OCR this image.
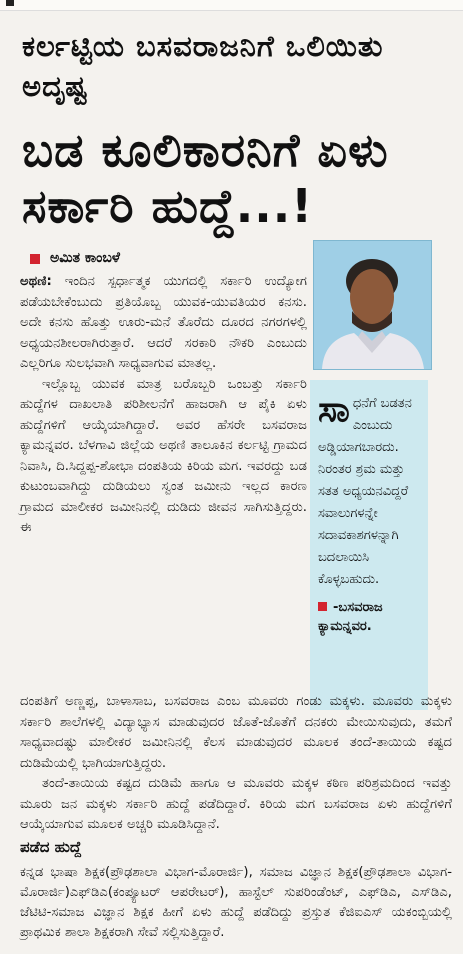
ಕರ್ಲಟ್ಟಿಯ ಬಸವರಾಜನಿಗೆ ಒಲಿಯಿತು ಅದೃಷ್ಟ
ಬಡ ಕೂಲಿಕಾರನಿಗೆ ಏಳು ಸರ್ಕಾರಿ ಹುದ್ದೆ...!
ಅಮಿತ ಕಾಂಬಳೆ

ಅಥಣಿ: ಇಂದಿನ ಸ್ಪರ್ಧಾತ್ಮಕ ಯುಗದಲ್ಲಿ ಸರ್ಕಾರಿ ಉದ್ಯೋಗ ಪಡೆಯಬೇಕೆಂಬುದು ಪ್ರತಿಯೊಬ್ಬ ಯುವಕ-ಯುವತಿಯರ ಕನಸು. ಅದೇ ಕನಸು ಹೊತ್ತು ಊರು-ಮನೆ ತೊರೆದು ದೂರದ ನಗರಗಳಲ್ಲಿ ಅಧ್ಯಯನಶೀಲರಾಗಿರುತ್ತಾರೆ. ಆದರೆ ಸರಕಾರಿ ನೌಕರಿ ಎಂಬುದು ಎಲ್ಲರಿಗೂ ಸುಲಭವಾಗಿ ಸಾಧ್ಯವಾಗುವ ಮಾತಲ್ಲ.

ಇಲ್ಲೊಬ್ಬ ಯುವಕ ಮಾತ್ರ ಬರೊಬ್ಬರಿ ಒಂಬತ್ತು ಸರ್ಕಾರಿ ಹುದ್ದೆಗಳ ದಾಖಲಾತಿ ಪರಿಶೀಲನೆಗೆ ಹಾಜರಾಗಿ ಆ ಪೈಕಿ ಏಳು ಹುದ್ದೆಗಳಿಗೆ ಆಯ್ಕೆಯಾಗಿದ್ದಾರೆ. ಅವರ ಹೆಸರೇ ಬಸವರಾಜ ಕ್ಯಾಮನ್ನವರ. ಬೆಳಗಾವಿ ಜಿಲ್ಲೆಯ ಅಥಣಿ ತಾಲೂಕಿನ ಕರ್ಲಟ್ಟಿ ಗ್ರಾಮದ ನಿವಾಸಿ, ದಿ.ಸಿದ್ದಪ್ಪ-ಶೋಭಾ ದಂಪತಿಯ ಕಿರಿಯ ಮಗ. ಇವರದ್ದು ಬಡ ಕುಟುಂಬವಾಗಿದ್ದು ದುಡಿಯಲು ಸ್ವಂತ ಜಮೀನು ಇಲ್ಲದ ಕಾರಣ ಗ್ರಾಮದ ಮಾಲೀಕರ ಜಮೀನಿನಲ್ಲಿ ದುಡಿದು ಜೀವನ ಸಾಗಿಸುತ್ತಿದ್ದರು. ಈ

ಸಾ ಧನೆಗೆ ಬಡತನ ಎಂಬುದು ಅಡ್ಡಿಯಾಗಬಾರದು. ನಿರಂತರ ಶ್ರಮ ಮತ್ತು ಸತತ ಅಧ್ಯಯನವಿದ್ದರೆ ಸವಾಲುಗಳನ್ನೇ ಸದಾವಕಾಶಗಳನ್ನಾಗಿ ಬದಲಾಯಿಸಿ ಕೊಳ್ಳಬಹುದು.
-ಬಸವರಾಜ ಕ್ಯಾಮನ್ನವರ.

ದಂಪತಿಗೆ ಅಣ್ಣಪ್ಪ, ಬಾಳಾಸಾಬ, ಬಸವರಾಜ ಎಂಬ ಮೂವರು ಗಂಡು ಮಕ್ಕಳು. ಮೂವರು ಮಕ್ಕಳು ಸರ್ಕಾರಿ ಶಾಲೆಗಳಲ್ಲಿ ವಿದ್ಯಾಭ್ಯಾಸ ಮಾಡುವುದರ ಜೊತೆ-ಜೊತೆಗೆ ದನಕರು ಮೇಯಿಸುವುದು, ತಮಗೆ ಸಾಧ್ಯವಾದಷ್ಟು ಮಾಲೀಕರ ಜಮೀನಿನಲ್ಲಿ ಕೆಲಸ ಮಾಡುವುದರ ಮೂಲಕ ತಂದೆ-ತಾಯಿಯ ಕಷ್ಟದ ದುಡಿಮೆಯಲ್ಲಿ ಭಾಗಿಯಾಗುತ್ತಿದ್ದರು.

ತಂದೆ-ತಾಯಿಯ ಕಷ್ಟದ ದುಡಿಮೆ ಹಾಗೂ ಆ ಮೂವರು ಮಕ್ಕಳ ಕಠಿಣ ಪರಿಶ್ರಮದಿಂದ ಇವತ್ತು ಮೂರು ಜನ ಮಕ್ಕಳು ಸರ್ಕಾರಿ ಹುದ್ದೆ ಪಡೆದಿದ್ದಾರೆ. ಕಿರಿಯ ಮಗ ಬಸವರಾಜ ಏಳು ಹುದ್ದೆಗಳಿಗೆ ಆಯ್ಕೆಯಾಗುವ ಮೂಲಕ ಅಚ್ಚರಿ ಮೂಡಿಸಿದ್ದಾನೆ.

ಪಡೆದ ಹುದ್ದೆ
ಕನ್ನಡ ಭಾಷಾ ಶಿಕ್ಷಕ(ಪ್ರೌಢಶಾಲಾ ವಿಭಾಗ-ಮೊರಾರ್ಜಿ), ಸಮಾಜ ವಿಜ್ಞಾನ ಶಿಕ್ಷಕ(ಪ್ರೌಢಶಾಲಾ ವಿಭಾಗ-ಮೊರಾರ್ಜಿ)ಎಫ್‌ಡಿಎ(ಕಂಪ್ಯೂಟರ್ ಆಪರೇಟರ್), ಹಾಸ್ಟೆಲ್ ಸುಪರಿಂಡೆಂಟ್, ಎಫ್‌ಡಿಎ, ಎಸ್‌ಡಿಎ, ಜೆಟಿಟಿ-ಸಮಾಜ ವಿಜ್ಞಾನ ಶಿಕ್ಷಕ ಹೀಗೆ ಏಳು ಹುದ್ದೆ ಪಡೆದಿದ್ದು ಪ್ರಸ್ತುತ ಕೆಜಿಐಎಸ್ ಯಕಂಬ್ಬಿಯಲ್ಲಿ ಪ್ರಾಥಮಿಕ ಶಾಲಾ ಶಿಕ್ಷಕರಾಗಿ ಸೇವೆ ಸಲ್ಲಿಸುತ್ತಿದ್ದಾರೆ.
